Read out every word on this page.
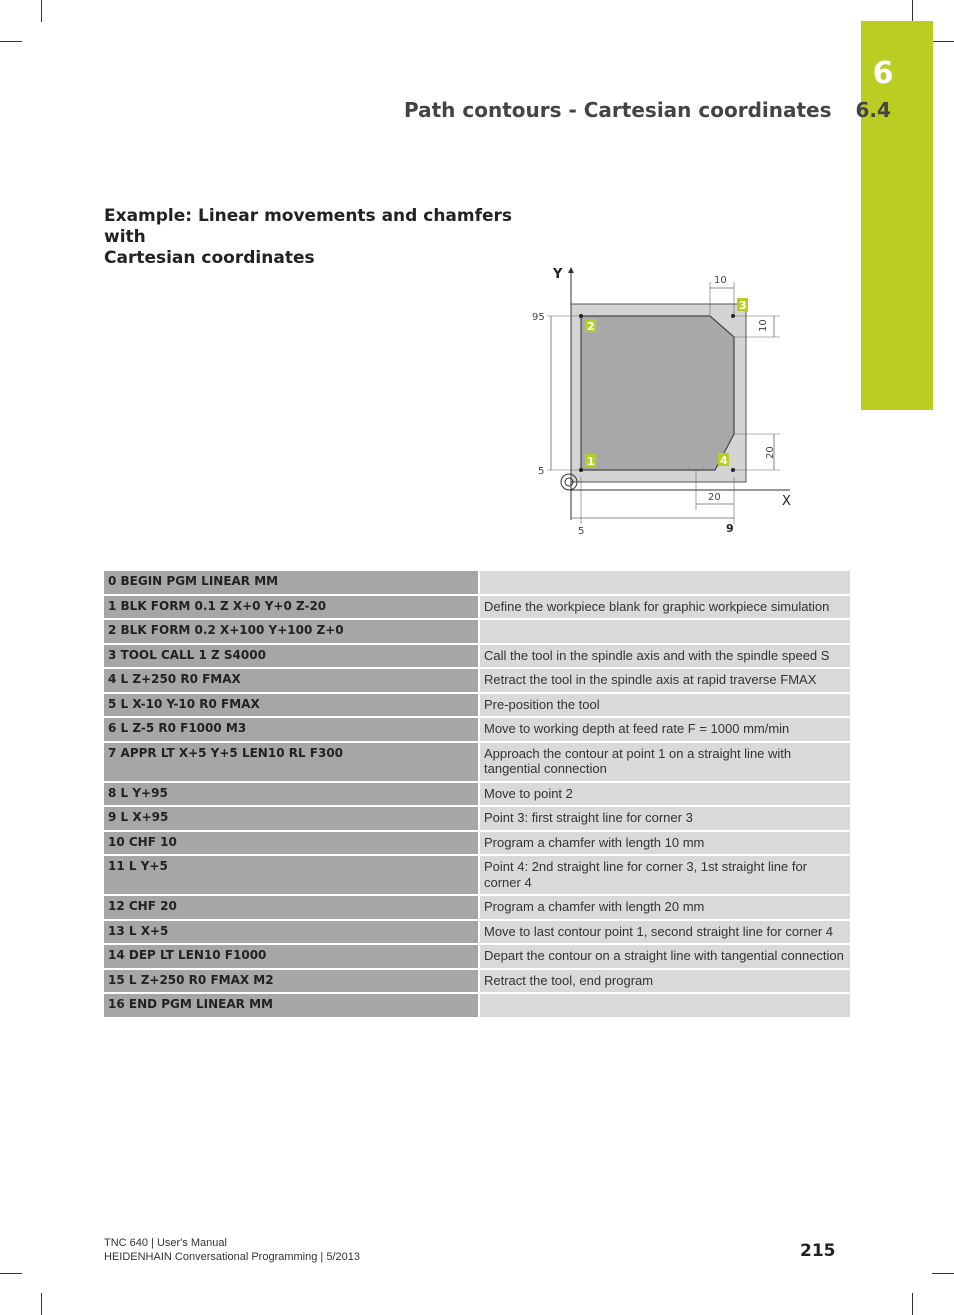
6
Path contours - Cartesian coordinates 6.4
Example: Linear movements and chamfers with
Cartesian coordinates
Y
X
95
5
5	9
20
10
10
20
2
3
4
1
0 BEGIN PGM LINEAR MM	
1 BLK FORM 0.1 Z X+0 Y+0 Z-20	Define the workpiece blank for graphic workpiece simulation
2 BLK FORM 0.2 X+100 Y+100 Z+0	
3 TOOL CALL 1 Z S4000	Call the tool in the spindle axis and with the spindle speed S
4 L Z+250 R0 FMAX	Retract the tool in the spindle axis at rapid traverse FMAX
5 L X-10 Y-10 R0 FMAX	Pre-position the tool
6 L Z-5 R0 F1000 M3	Move to working depth at feed rate F = 1000 mm/min
7 APPR LT X+5 Y+5 LEN10 RL F300	Approach the contour at point 1 on a straight line with tangential connection
8 L Y+95	Move to point 2
9 L X+95	Point 3: first straight line for corner 3
10 CHF 10	Program a chamfer with length 10 mm
11 L Y+5	Point 4: 2nd straight line for corner 3, 1st straight line for corner 4
12 CHF 20	Program a chamfer with length 20 mm
13 L X+5	Move to last contour point 1, second straight line for corner 4
14 DEP LT LEN10 F1000	Depart the contour on a straight line with tangential connection
15 L Z+250 R0 FMAX M2	Retract the tool, end program
16 END PGM LINEAR MM	
TNC 640 | User's Manual
HEIDENHAIN Conversational Programming | 5/2013	215
